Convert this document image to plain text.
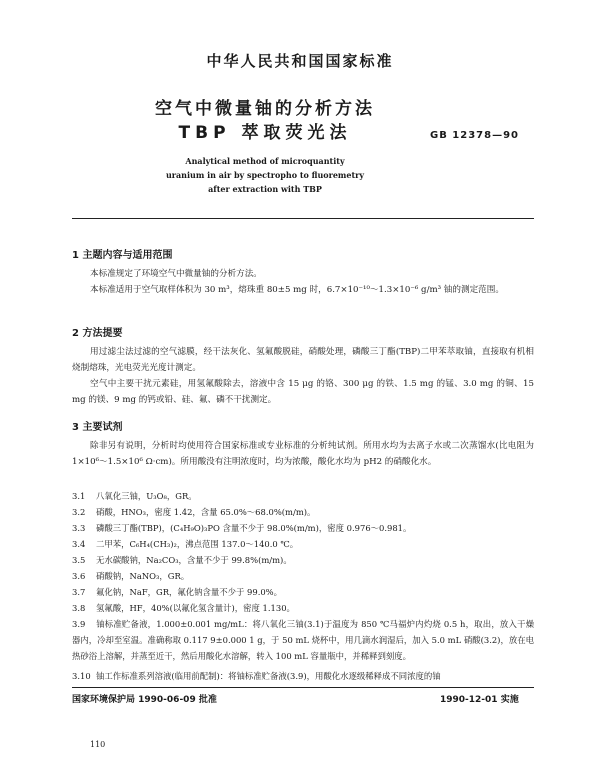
中华人民共和国国家标准
空气中微量铀的分析方法
TBP 萃取荧光法	GB 12378—90
Analytical method of microquantity
uranium in air by spectropho to fluoremetry
after extraction with TBP
1 主题内容与适用范围
本标准规定了环境空气中微量铀的分析方法。
本标准适用于空气取样体积为 30 m³，熔珠重 80±5 mg 时，6.7×10⁻¹⁰～1.3×10⁻⁶ g/m³ 铀的测定范围。
2 方法提要
用过滤尘法过滤的空气滤膜，经干法灰化、氢氟酸脱硅，硝酸处理，磷酸三丁酯(TBP)二甲苯萃取铀，直接取有机相烧制熔珠，光电荧光光度计测定。
空气中主要干扰元素硅，用氢氟酸除去，溶液中含 15 μg 的铬、300 μg 的铁、1.5 mg 的锰、3.0 mg 的铜、15 mg 的镁、9 mg 的钙或铅、硅、氟、磷不干扰测定。
3 主要试剂
除非另有说明，分析时均使用符合国家标准或专业标准的分析纯试剂。所用水均为去离子水或二次蒸馏水(比电阻为 1×10⁶～1.5×10⁶ Ω·cm)。所用酸没有注明浓度时，均为浓酸，酸化水均为 pH2 的硝酸化水。
3.1 八氧化三铀，U₃O₈，GR。
3.2 硝酸，HNO₃，密度 1.42，含量 65.0%～68.0%(m/m)。
3.3 磷酸三丁酯(TBP)，(C₄H₉O)₃PO 含量不少于 98.0%(m/m)，密度 0.976～0.981。
3.4 二甲苯，C₆H₄(CH₃)₂，沸点范围 137.0～140.0 ℃。
3.5 无水碳酸钠，Na₂CO₃，含量不少于 99.8%(m/m)。
3.6 硝酸钠，NaNO₃，GR。
3.7 氟化钠，NaF，GR，氟化钠含量不少于 99.0%。
3.8 氢氟酸，HF，40%(以氟化氢含量计)，密度 1.130。
3.9 铀标准贮备液，1.000±0.001 mg/mL：将八氧化三铀(3.1)于温度为 850 ℃马福炉内灼烧 0.5 h，取出，放入干燥器内，冷却至室温。准确称取 0.117 9±0.000 1 g，于 50 mL 烧杯中，用几滴水润湿后，加入 5.0 mL 硝酸(3.2)，放在电热砂浴上溶解，并蒸至近干，然后用酸化水溶解，转入 100 mL 容量瓶中，并稀释到刻度。
3.10 铀工作标准系列溶液(临用前配制)：将铀标准贮备液(3.9)，用酸化水逐级稀释成不同浓度的铀
国家环境保护局 1990-06-09 批准	1990-12-01 实施
110
